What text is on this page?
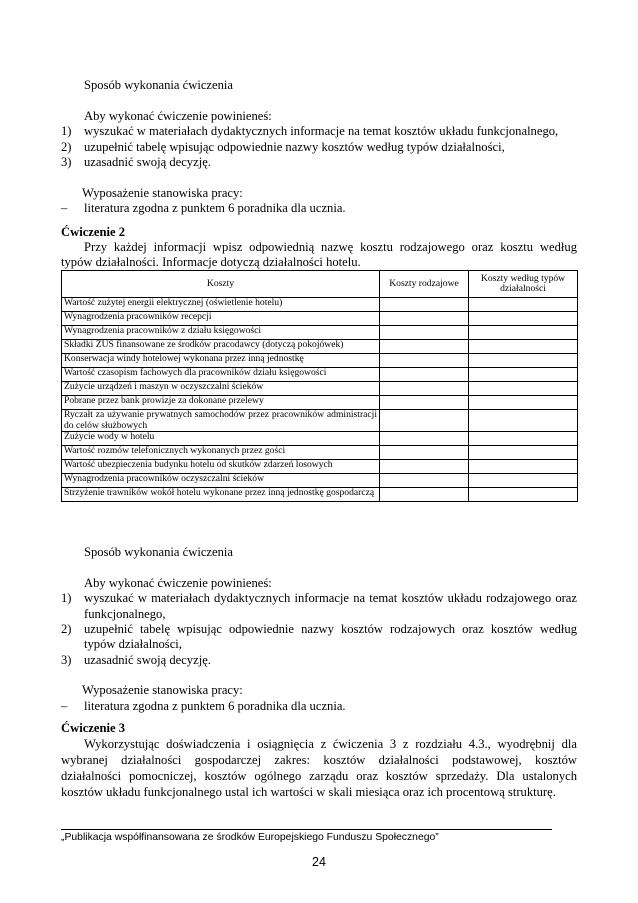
Sposób wykonania ćwiczenia
Aby wykonać ćwiczenie powinieneś:
1) wyszukać w materiałach dydaktycznych informacje na temat kosztów układu funkcjonalnego,
2) uzupełnić tabelę wpisując odpowiednie nazwy kosztów według typów działalności,
3) uzasadnić swoją decyzję.
Wyposażenie stanowiska pracy:
– literatura zgodna z punktem 6 poradnika dla ucznia.
Ćwiczenie 2
Przy każdej informacji wpisz odpowiednią nazwę kosztu rodzajowego oraz kosztu według
typów działalności. Informacje dotyczą działalności hotelu.
Koszty	Koszty rodzajowe	Koszty według typów działalności
Wartość zużytej energii elektrycznej (oświetlenie hotelu)		
Wynagrodzenia pracowników recepcji		
Wynagrodzenia pracowników z działu księgowości		
Składki ZUS finansowane ze środków pracodawcy (dotyczą pokojówek)		
Konserwacja windy hotelowej wykonana przez inną jednostkę		
Wartość czasopism fachowych dla pracowników działu księgowości		
Zużycie urządzeń i maszyn w oczyszczalni ścieków		
Pobrane przez bank prowizje za dokonane przelewy		
Ryczałt za używanie prywatnych samochodów przez pracowników administracji do celów służbowych		
Zużycie wody w hotelu		
Wartość rozmów telefonicznych wykonanych przez gości		
Wartość ubezpieczenia budynku hotelu od skutków zdarzeń losowych		
Wynagrodzenia pracowników oczyszczalni ścieków		
Strzyżenie trawników wokół hotelu wykonane przez inną jednostkę gospodarczą		
Sposób wykonania ćwiczenia
Aby wykonać ćwiczenie powinieneś:
1) wyszukać w materiałach dydaktycznych informacje na temat kosztów układu rodzajowego oraz
funkcjonalnego,
2) uzupełnić tabelę wpisując odpowiednie nazwy kosztów rodzajowych oraz kosztów według
typów działalności,
3) uzasadnić swoją decyzję.
Wyposażenie stanowiska pracy:
– literatura zgodna z punktem 6 poradnika dla ucznia.
Ćwiczenie 3
Wykorzystując doświadczenia i osiągnięcia z ćwiczenia 3 z rozdziału 4.3., wyodrębnij dla
wybranej działalności gospodarczej zakres: kosztów działalności podstawowej, kosztów
działalności pomocniczej, kosztów ogólnego zarządu oraz kosztów sprzedaży. Dla ustalonych
kosztów układu funkcjonalnego ustal ich wartości w skali miesiąca oraz ich procentową strukturę.
„Publikacja współfinansowana ze środków Europejskiego Funduszu Społecznego”
24
